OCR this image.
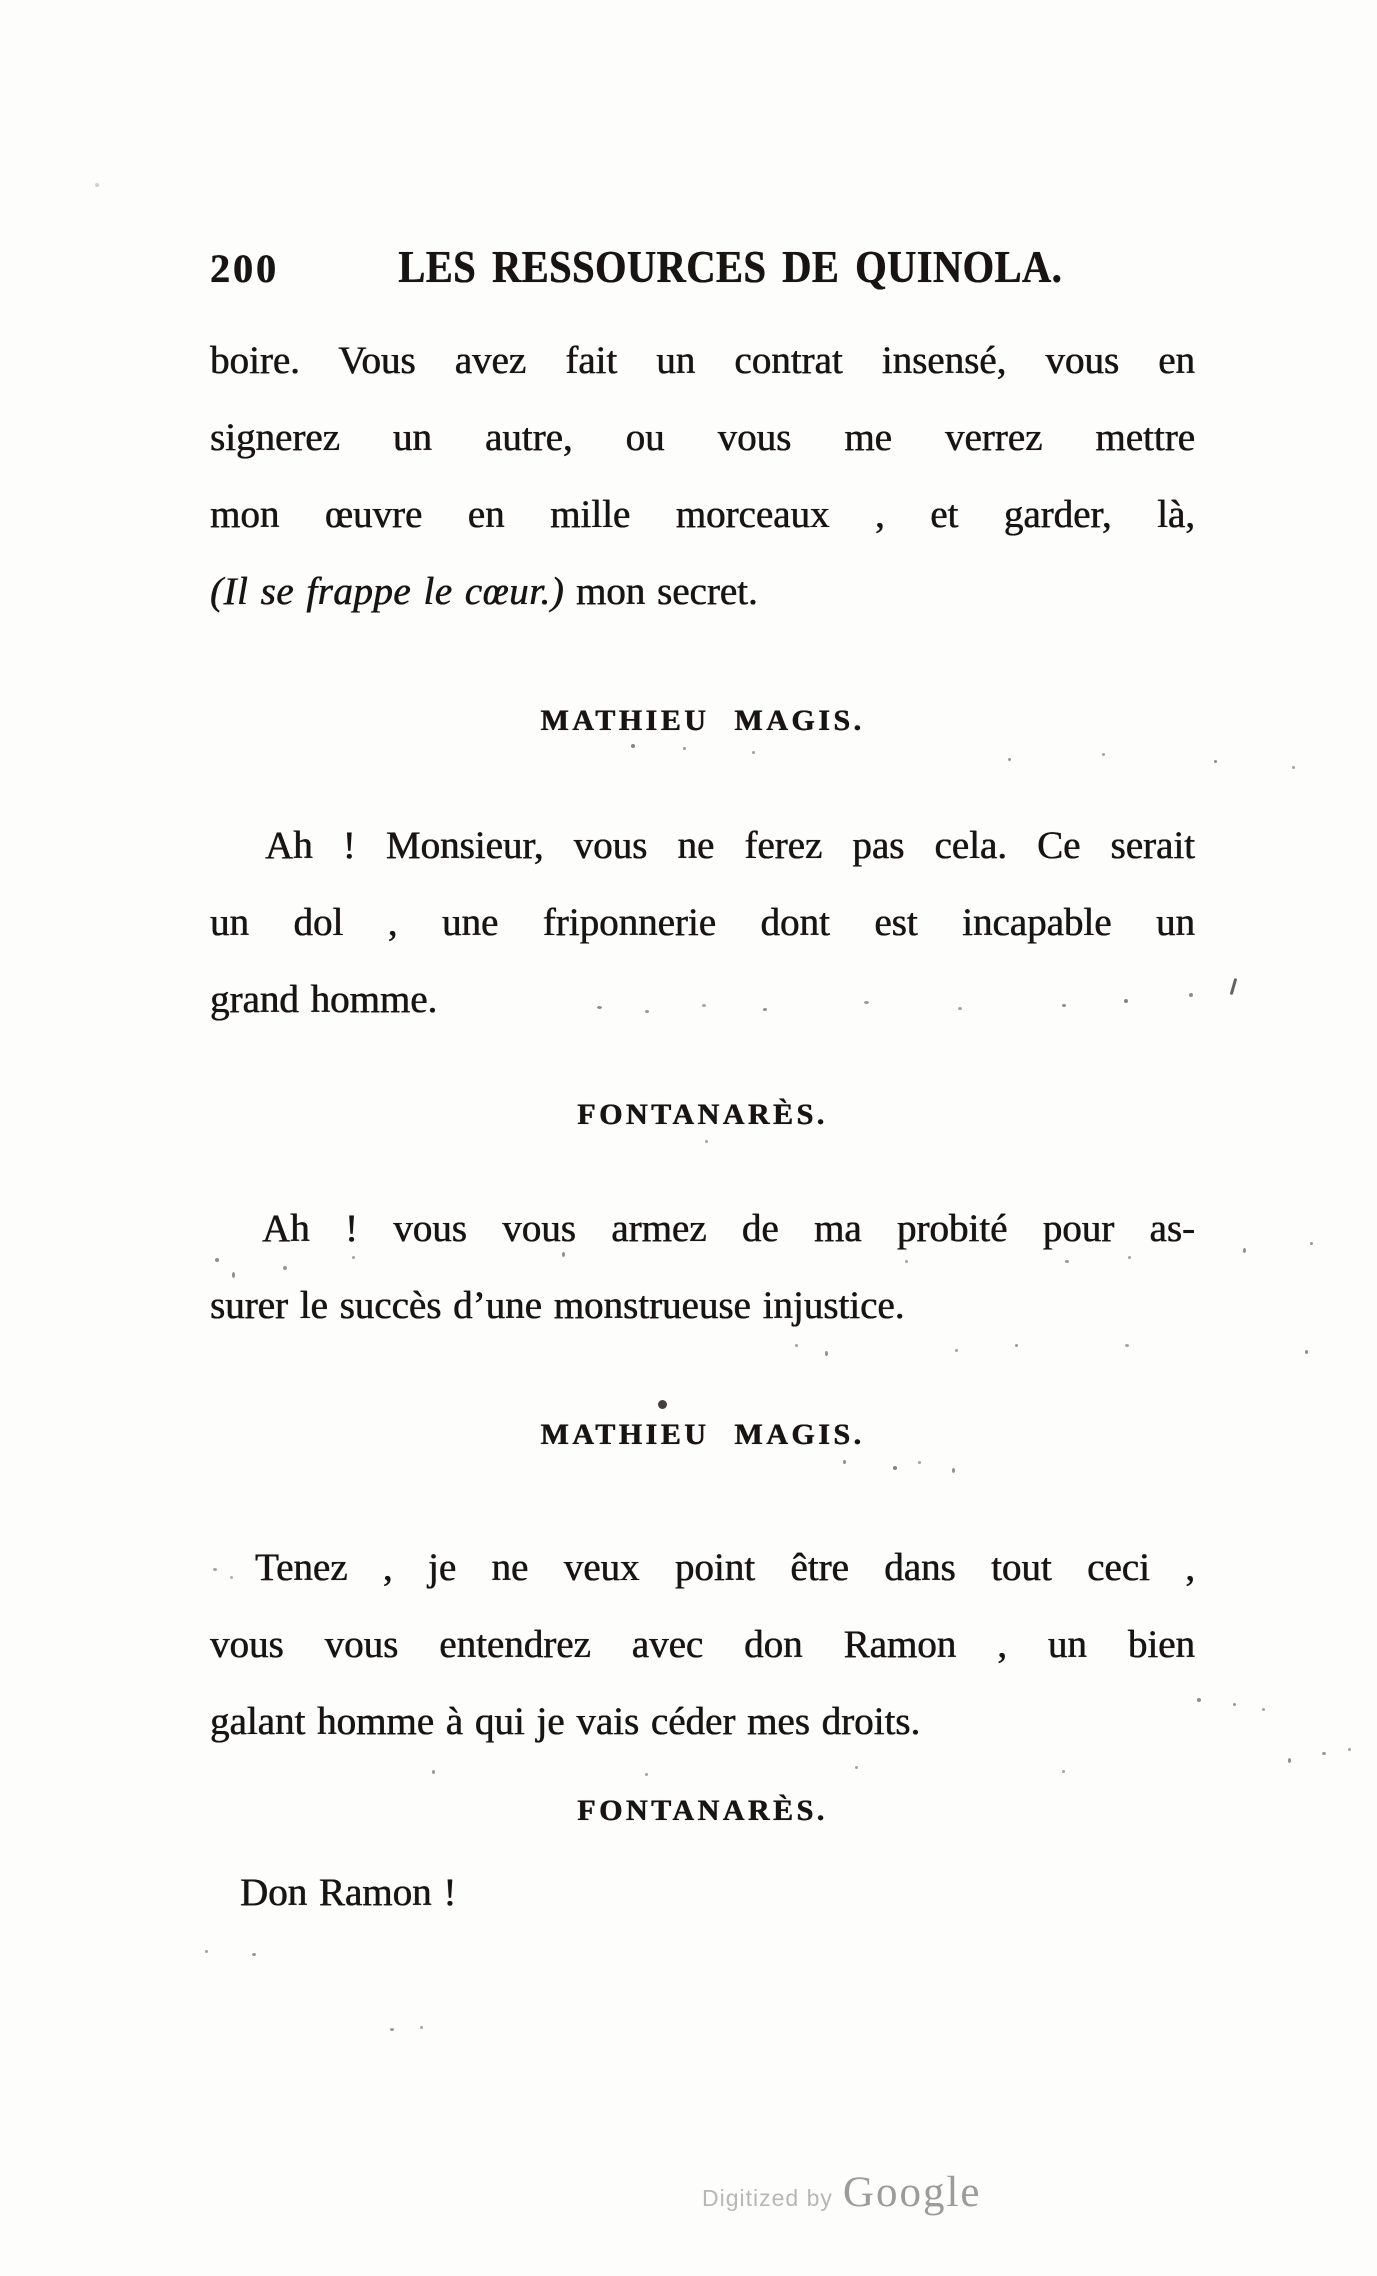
200	LES RESSOURCES DE QUINOLA.
boire. Vous avez fait un contrat insensé, vous en
signerez un autre, ou vous me verrez mettre
mon œuvre en mille morceaux , et garder, là,
(Il se frappe le cœur.) mon secret.
MATHIEU MAGIS.
Ah ! Monsieur, vous ne ferez pas cela. Ce serait
un dol , une friponnerie dont est incapable un
grand homme.
FONTANARÈS.
Ah ! vous vous armez de ma probité pour as-
surer le succès d’une monstrueuse injustice.
MATHIEU MAGIS.
Tenez , je ne veux point être dans tout ceci ,
vous vous entendrez avec don Ramon , un bien
galant homme à qui je vais céder mes droits.
FONTANARÈS.
Don Ramon !
Digitized by Google
